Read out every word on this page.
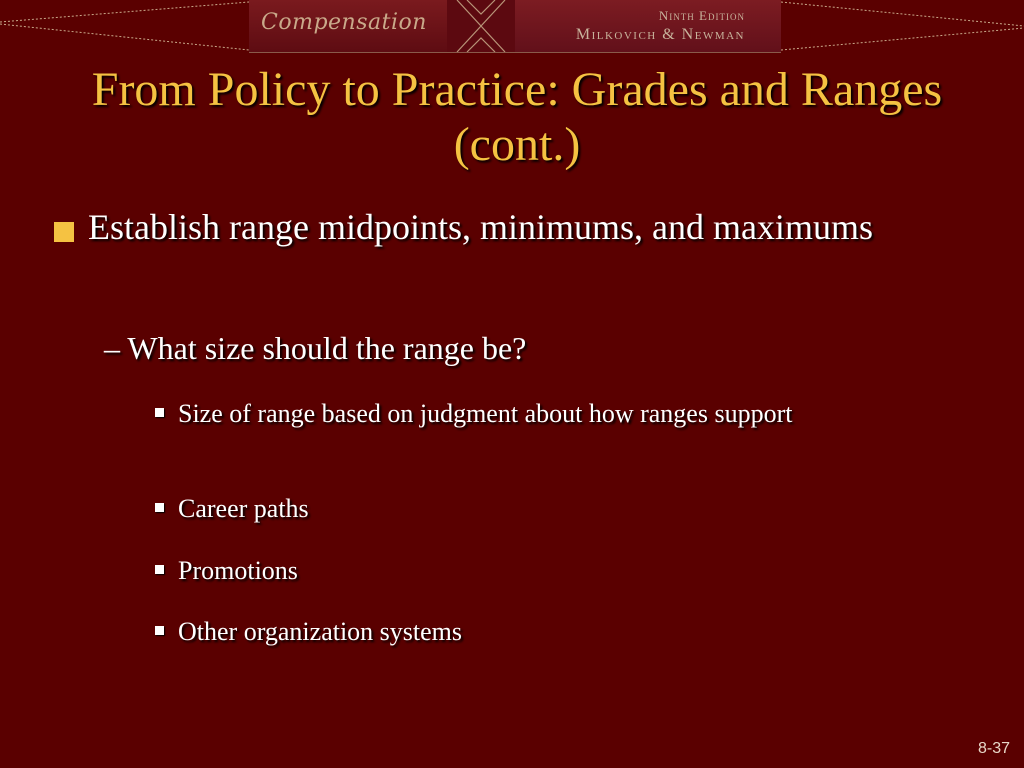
Compensation	Ninth Edition
Milkovich & Newman
From Policy to Practice: Grades and Ranges (cont.)
Establish range midpoints, minimums, and maximums
– What size should the range be?
Size of range based on judgment about how ranges support
Career paths
Promotions
Other organization systems
8-37
